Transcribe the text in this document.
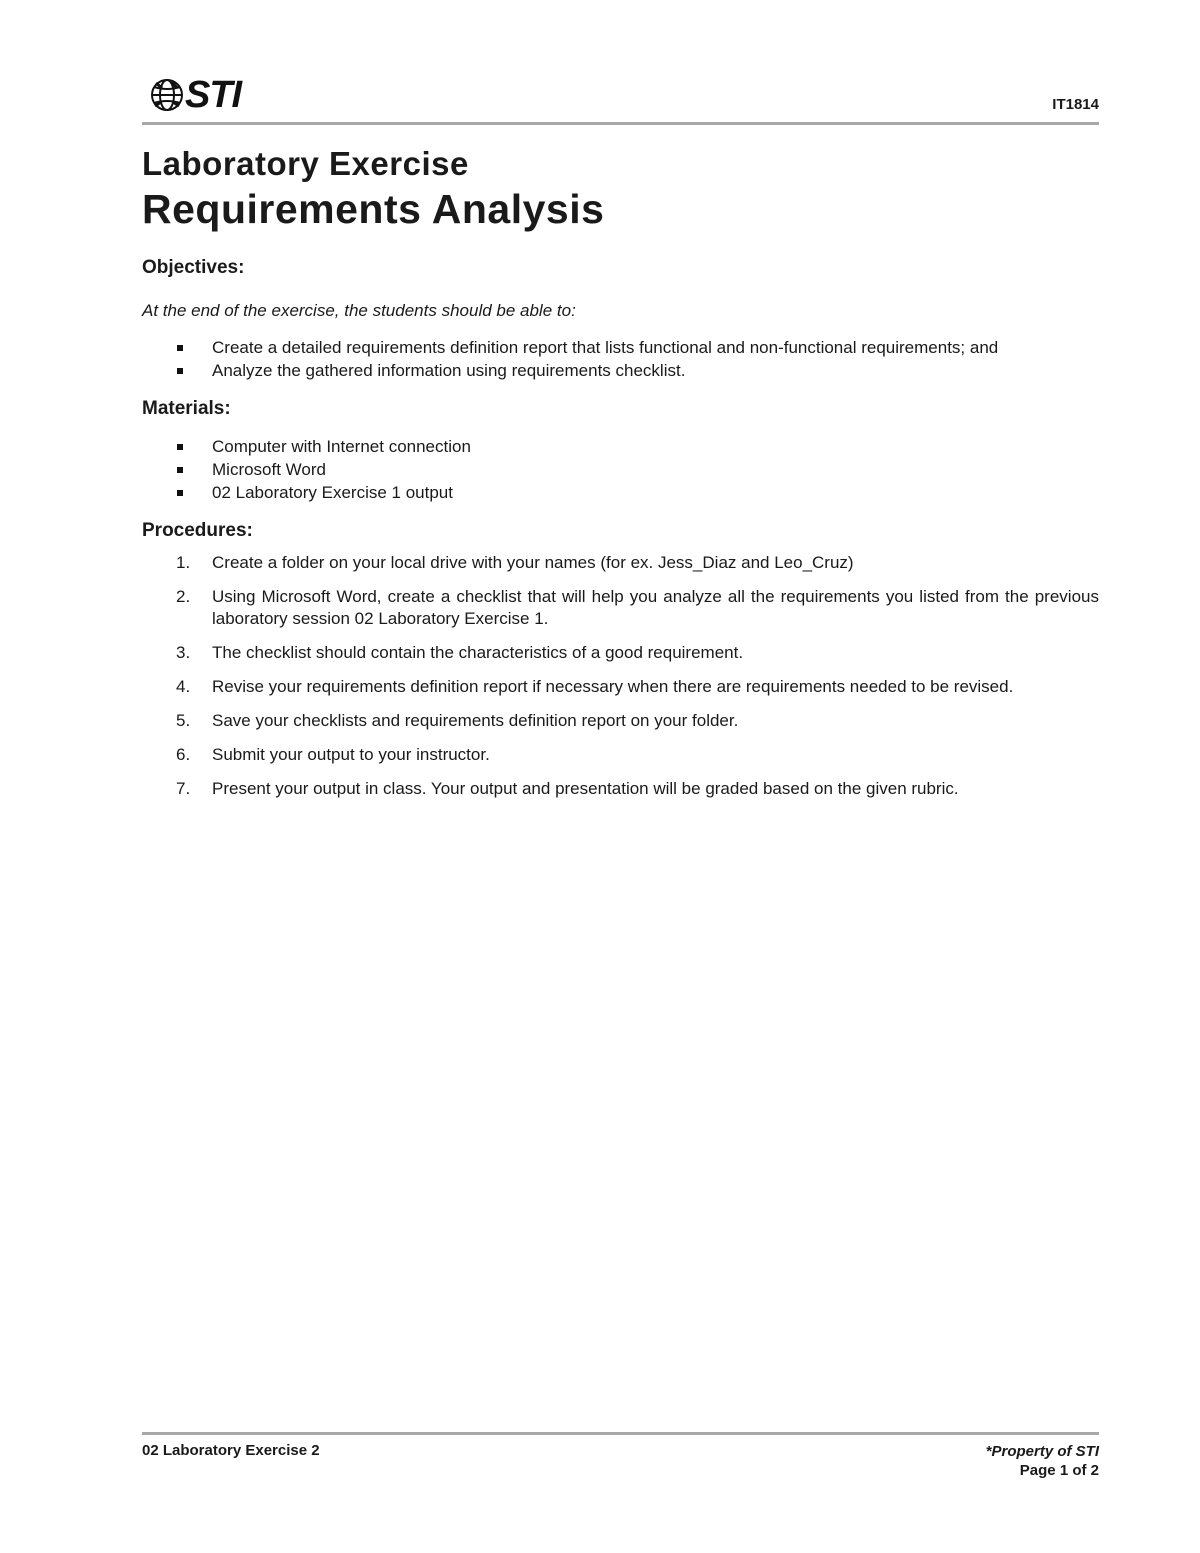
STI	IT1814
Laboratory Exercise
Requirements Analysis
Objectives:

At the end of the exercise, the students should be able to:

Create a detailed requirements definition report that lists functional and non-functional requirements; and
Analyze the gathered information using requirements checklist.
Materials:
Computer with Internet connection
Microsoft Word
02 Laboratory Exercise 1 output
Procedures:
1. Create a folder on your local drive with your names (for ex. Jess_Diaz and Leo_Cruz)
2. Using Microsoft Word, create a checklist that will help you analyze all the requirements you listed from the previous laboratory session 02 Laboratory Exercise 1.
3. The checklist should contain the characteristics of a good requirement.
4. Revise your requirements definition report if necessary when there are requirements needed to be revised.
5. Save your checklists and requirements definition report on your folder.
6. Submit your output to your instructor.
7. Present your output in class. Your output and presentation will be graded based on the given rubric.
02 Laboratory Exercise 2	*Property of STI
Page 1 of 2
